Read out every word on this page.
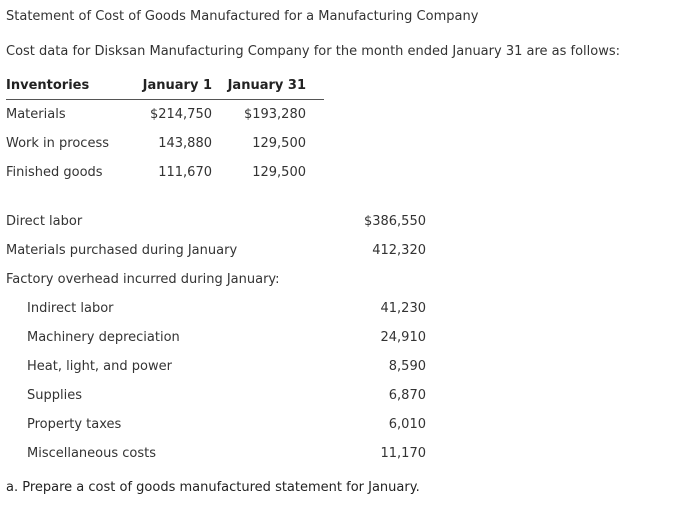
Statement of Cost of Goods Manufactured for a Manufacturing Company
Cost data for Disksan Manufacturing Company for the month ended January 31 are as follows:
Inventories	January 1 January 31
Materials	$214,750 $193,280
Work in process	143,880	129,500
Finished goods	111,670	129,500
Direct labor	$386,550
Materials purchased during January	412,320
Factory overhead incurred during January:
Indirect labor	41,230
Machinery depreciation	24,910
Heat, light, and power	8,590
Supplies	6,870
Property taxes	6,010
Miscellaneous costs	11,170
a. Prepare a cost of goods manufactured statement for January.
